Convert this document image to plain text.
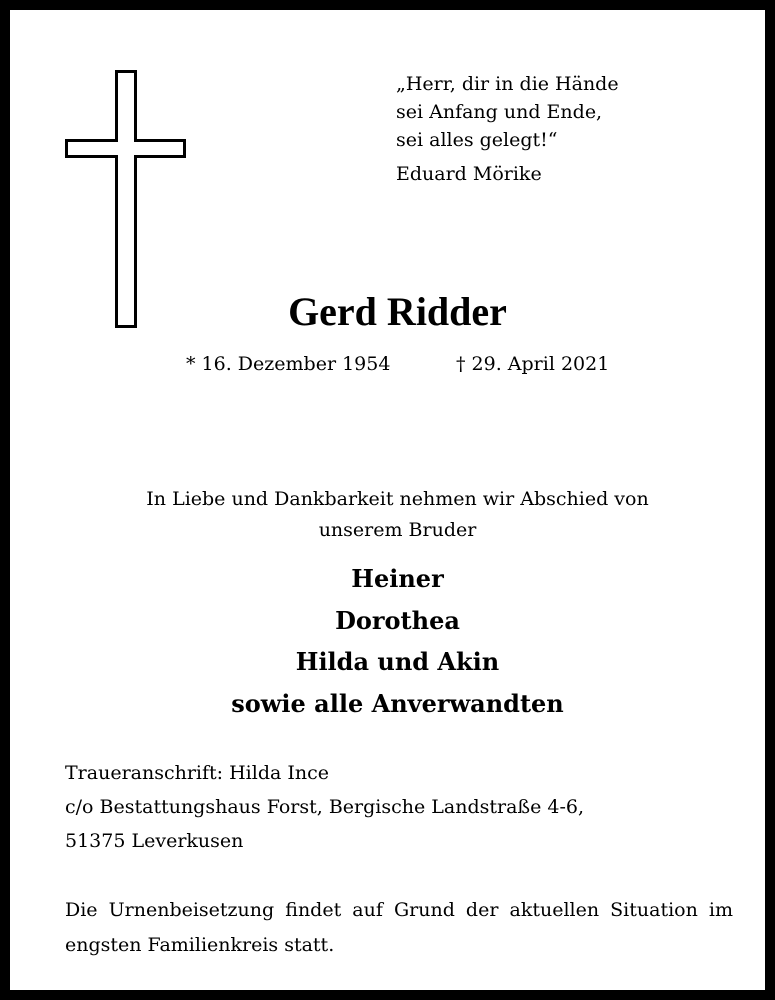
„Herr, dir in die Hände
sei Anfang und Ende,
sei alles gelegt!“
Eduard Mörike
Gerd Ridder
* 16. Dezember 1954	† 29. April 2021
In Liebe und Dankbarkeit nehmen wir Abschied von
unserem Bruder
Heiner
Dorothea
Hilda und Akin
sowie alle Anverwandten
Traueranschrift: Hilda Ince
c/o Bestattungshaus Forst, Bergische Landstraße 4-6,
51375 Leverkusen
Die Urnenbeisetzung findet auf Grund der aktuellen Situation im engsten Familienkreis statt.
